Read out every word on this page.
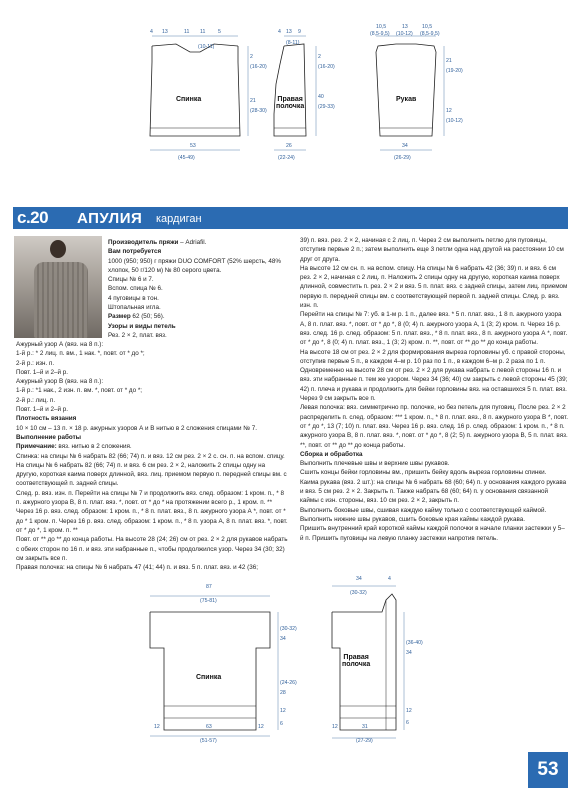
Спинка
4 13	11 11 5
(10-11)
2
(16-20)
21
(28-30)
53
(45-49)
Правая
полочка
4 13 9
(8-11)
2
(16-20)
40
(29-33)
26
(22-24)
Рукав
10,5	13	10,5
(8,5-9,5) (10-12) (8,5-9,5)
21
(19-20)
12
(10-12)
34
(26-29)
с.20 АПУЛИЯ кардиган

Производитель пряжи – Adriafil.

Вам потребуется

1000 (950; 950) г пряжи DUO COMFORT (52% шерсть, 48% хлопок, 50 г/120 м) № 80 серого цвета.

Спицы № 6 и 7.

Вспом. спица № 6.

4 пуговицы в тон.

Штопальная игла.

Размер 62 (50; 56).

Узоры и виды петель

Рез. 2 × 2, плат. вяз.

Ажурный узор А (вяз. на 8 п.):

1-й р.: * 2 лиц. п. вм., 1 нак. *, повт. от * до *;

2-й р.: изн. п.

Повт. 1–й и 2–й р.

Ажурный узор В (вяз. на 8 п.):

1-й р.: *1 нак., 2 изн. п. вм. *, повт. от * до *;

2-й р.: лиц. п.

Повт. 1–й и 2–й р.

Плотность вязания

10 × 10 см – 13 п. × 18 р. ажурных узоров А и В нитью в 2 сложения спицами № 7.

Выполнение работы

Примечание: вяз. нитью в 2 сложения.

Спинка: на спицы № 6 набрать 82 (66; 74) п. и вяз. 12 см рез. 2 × 2 с. сн. п. на вспом. спицу. На спицы № 6 набрать 82 (66; 74) п. и вяз. 6 см рез. 2 × 2, наложить 2 спицы одну на другую, короткая каима поверх длинной, вяз. лиц. приемом первую п. передней спицы вм. с соответствующей п. задней спицы.

След. р. вяз. изн. п. Перейти на спицы № 7 и продолжить вяз. след. образом: 1 кром. п., * 8 п. ажурного узора В, 8 п. плат. вяз. *, повт. от * до * на протяжении всего р., 1 кром. п. ** Через 16 р. вяз. след. образом: 1 кром. п., * 8 п. плат. вяз., 8 п. ажурного узора А *, повт. от * до * 1 кром. п. Через 16 р. вяз. след. образом: 1 кром. п., * 8 п. узора А, 8 п. плат. вяз. *, повт. от * до *, 1 кром. п. **

Повт. от ** до ** до конца работы. На высоте 28 (24; 26) см от рез. 2 × 2 для рукавов набрать с обеих сторон по 16 п. и вяз. эти набранные п., чтобы продолжился узор. Через 34 (30; 32) см закрыть все п.

Правая полочка: на спицы № 6 набрать 47 (41; 44) п. и вяз. 5 п. плат. вяз. и 42 (36;

39) п. вяз. рез. 2 × 2, начиная с 2 лиц. п. Через 2 см выполнить петлю для пуговицы, отступив первые 2 п.; затем выполнить еще 3 петли одна над другой на расстоянии 10 см друг от друга.

На высоте 12 см сн. п. на вспом. спицу. На спицы № 6 набрать 42 (36; 39) п. и вяз. 6 см рез. 2 × 2, начиная с 2 лиц. п. Наложить 2 спицы одну на другую, короткая каима поверх длинной, совместить п. рез. 2 × 2 и вяз. 5 п. плат. вяз. с задней спицы, затем лиц. приемом первую п. передней спицы вм. с соответствующей первой п. задней спицы. След. р. вяз. изн. п.

Перейти на спицы № 7: уб. в 1-м р. 1 п., далее вяз. * 5 п. плат. вяз., 1 8 п. ажурного узора А, 8 п. плат. вяз. *, повт. от * до *, 8 (0; 4) п. ажурного узора А, 1 (3; 2) кром. п. Через 16 р. вяз. след. 16 р. след. образом: 5 п. плат. вяз., * 8 п. плат. вяз., 8 п. ажурного узора А *, повт. от * до *, 8 (0; 4) п. плат. вяз., 1 (3; 2) кром. п. **, повт. от ** до ** до конца работы.

На высоте 18 см от рез. 2 × 2 для формирования выреза горловины уб. с правой стороны, отступив первые 5 п., в каждом 4–м р. 10 раз по 1 п., в каждом 6–м р. 2 раза по 1 п.

Одновременно на высоте 28 см от рез. 2 × 2 для рукава набрать с левой стороны 16 п. и вяз. эти набранные п. тем же узором. Через 34 (36; 40) см закрыть с левой стороны 45 (39; 42) п. плеча и рукава и продолжить для бейки горловины вяз. на оставшихся 5 п. плат. вяз. Через 9 см закрыть все п.

Левая полочка: вяз. симметрично пр. полочке, но без петель для пуговиц. После рез. 2 × 2 распределить п. след. образом: *** 1 кром. п., * 8 п. плат. вяз., 8 п. ажурного узора В *, повт. от * до *, 13 (7; 10) п. плат. вяз. Через 16 р. вяз. след. 16 р. след. образом: 1 кром. п., * 8 п. ажурного узора В, 8 п. плат. вяз. *, повт. от * до *, 8 (2; 5) п. ажурного узора В, 5 п. плат. вяз. **, повт. от ** до ** до конца работы.

Сборка и обработка

Выполнить плечевые швы и верхние швы рукавов.

Сшить концы бейки горловины вм., пришить бейку вдоль выреза горловины спинки.

Каима рукава (вяз. 2 шт.): на спицы № 6 набрать 68 (60; 64) п. у основания каждого рукава и вяз. 5 см рез. 2 × 2. Закрыть п. Также набрать 68 (60; 64) п. у основания связанной каймы с изн. стороны, вяз. 10 см рез. 2 × 2, закрыть п.

Выполнить боковые швы, сшивая каждую кайму только с соответствующей каймой. Выполнить нижние швы рукавов, сшить боковые края каймы каждой рукава.

Пришить внутренний край короткой каймы каждой полочки в начале планки застежки у 5–й п. Пришить пуговицы на левую планку застежки напротив петель.

Спинка
87
(75-81)
(30-32)
34
(24-26)
28
12
6
12	63	12
(51-57)
Правая
полочка
34	4
(30-32)
(36-40)
34
12
6
12	31
(27-29)
53
